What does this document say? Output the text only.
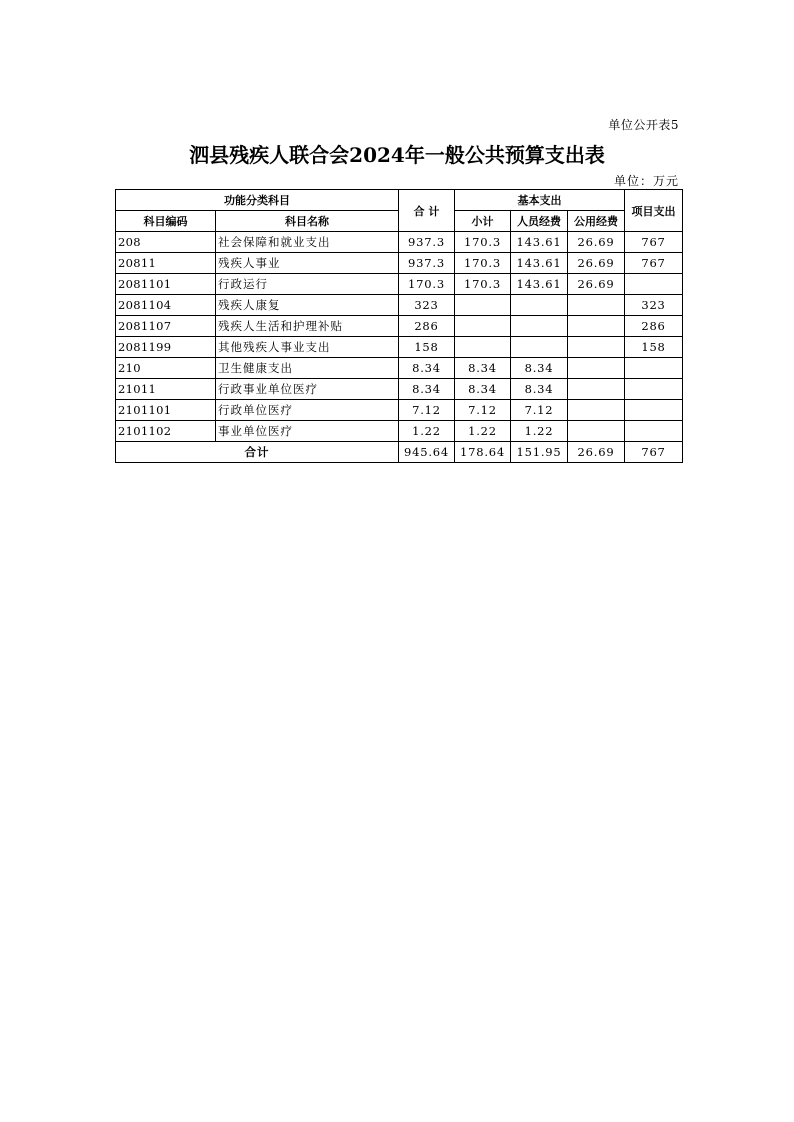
单位公开表5
泗县残疾人联合会2024年一般公共预算支出表
单位：万元
功能分类科目		合 计	基本支出			项目支出
科目编码	科目名称		小计	人员经费	公用经费	
208	社会保障和就业支出	937.3	170.3	143.61	26.69	767
20811	残疾人事业	937.3	170.3	143.61	26.69	767
2081101	行政运行	170.3	170.3	143.61	26.69	
2081104	残疾人康复	323				323
2081107	残疾人生活和护理补贴	286				286
2081199	其他残疾人事业支出	158				158
210	卫生健康支出	8.34	8.34	8.34		
21011	行政事业单位医疗	8.34	8.34	8.34		
2101101	行政单位医疗	7.12	7.12	7.12		
2101102	事业单位医疗	1.22	1.22	1.22		
合计		945.64	178.64	151.95	26.69	767
